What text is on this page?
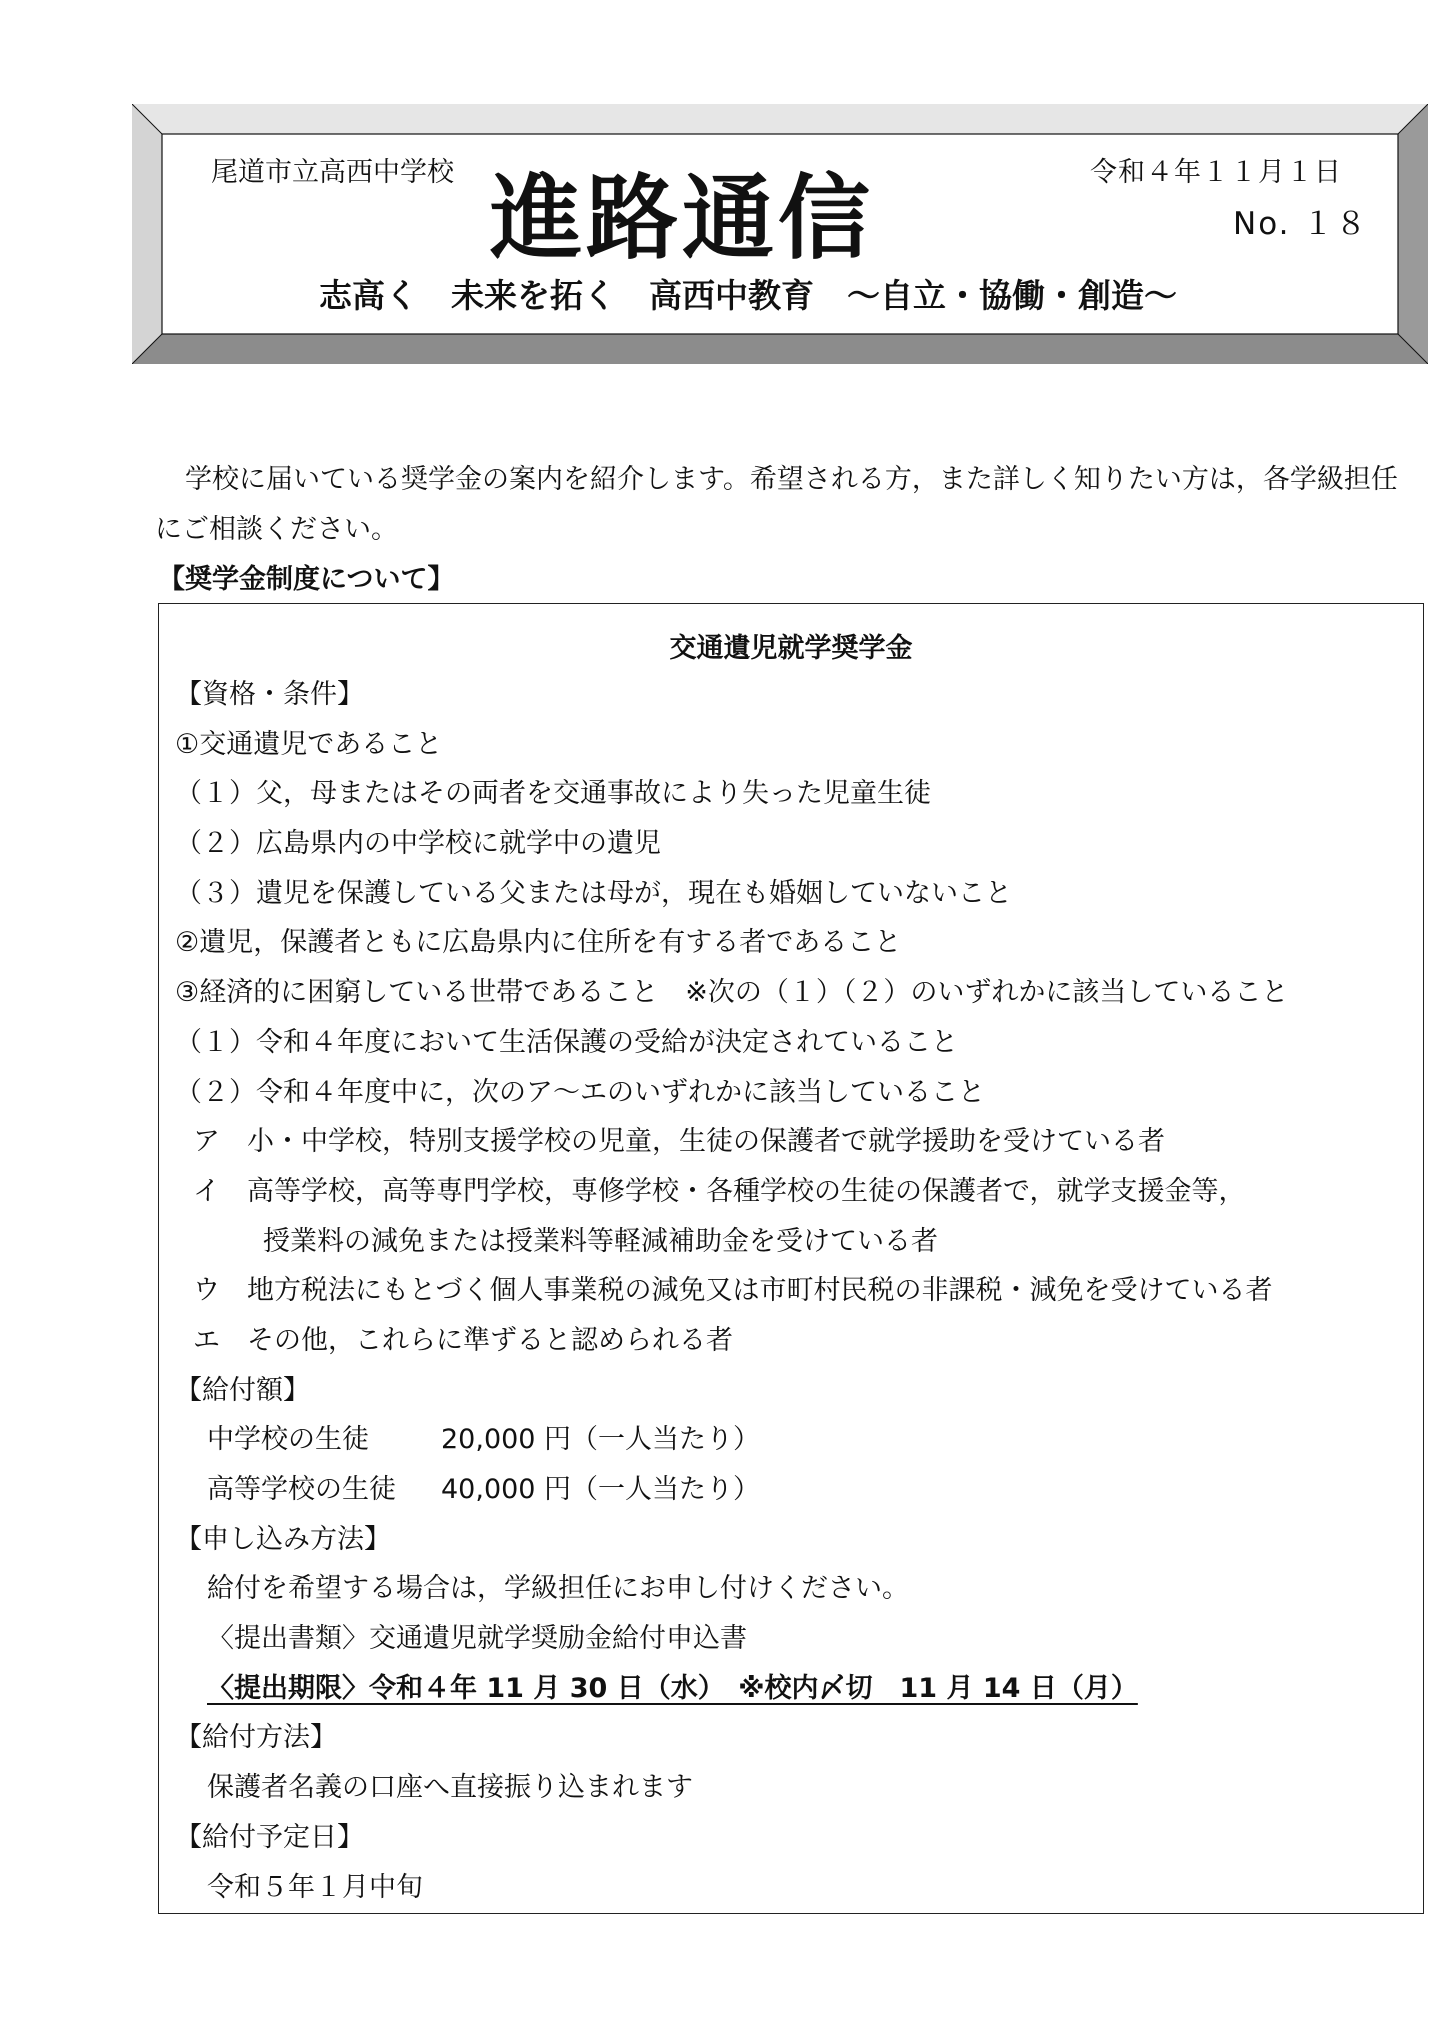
尾道市立高西中学校	令和４年１１月１日
進路通信	No. １８
志高く　未来を拓く　高西中教育　～自立・協働・創造～

学校に届いている奨学金の案内を紹介します。希望される方，また詳しく知りたい方は，各学級担任にご相談ください。

【奨学金制度について】
交通遺児就学奨学金
【資格・条件】
①交通遺児であること
（１）父，母またはその両者を交通事故により失った児童生徒
（２）広島県内の中学校に就学中の遺児
（３）遺児を保護している父または母が，現在も婚姻していないこと
②遺児，保護者ともに広島県内に住所を有する者であること
③経済的に困窮している世帯であること　※次の（１）（２）のいずれかに該当していること
（１）令和４年度において生活保護の受給が決定されていること
（２）令和４年度中に，次のア～エのいずれかに該当していること
ア　小・中学校，特別支援学校の児童，生徒の保護者で就学援助を受けている者
イ　高等学校，高等専門学校，専修学校・各種学校の生徒の保護者で，就学支援金等，
授業料の減免または授業料等軽減補助金を受けている者
ウ　地方税法にもとづく個人事業税の減免又は市町村民税の非課税・減免を受けている者
エ　その他，これらに準ずると認められる者
【給付額】
中学校の生徒	20,000 円（一人当たり）
高等学校の生徒 40,000 円（一人当たり）
【申し込み方法】
給付を希望する場合は，学級担任にお申し付けください。
〈提出書類〉交通遺児就学奨励金給付申込書
〈提出期限〉令和４年 11 月 30 日（水）　※校内〆切　11 月 14 日（月）
【給付方法】
保護者名義の口座へ直接振り込まれます
【給付予定日】
令和５年１月中旬
